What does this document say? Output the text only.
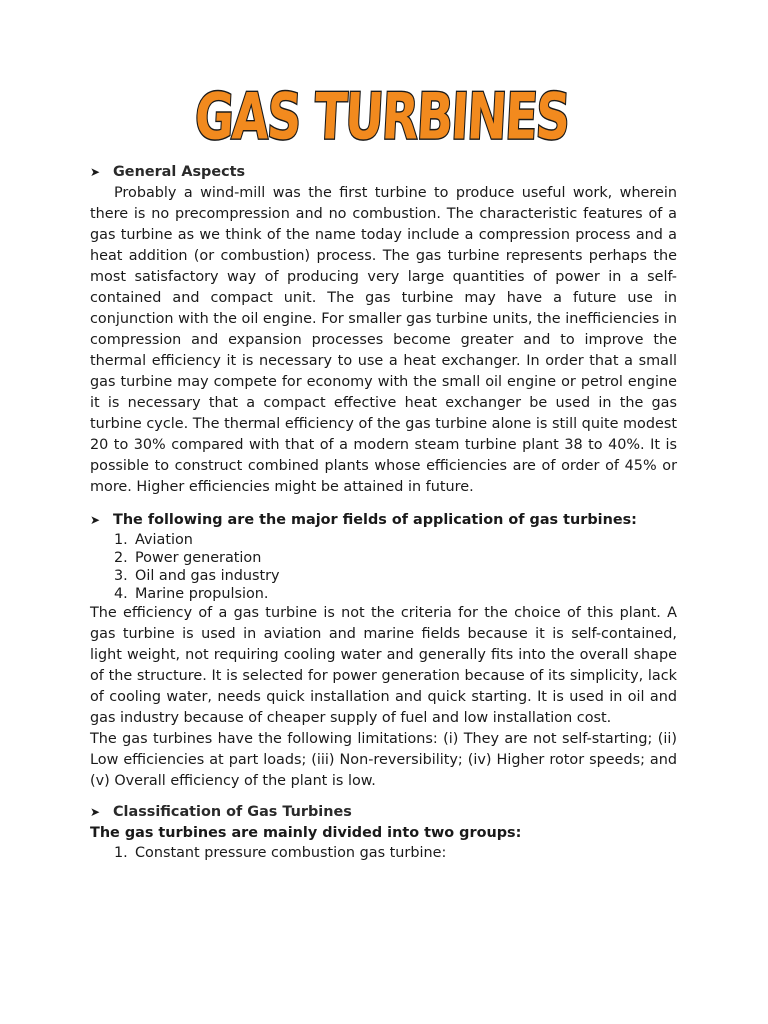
GAS TURBINES
➤ General Aspects

Probably a wind-mill was the first turbine to produce useful work, wherein there is no precompression and no combustion. The characteristic features of a gas turbine as we think of the name today include a compression process and a heat addition (or combustion) process. The gas turbine represents perhaps the most satisfactory way of producing very large quantities of power in a self-contained and compact unit. The gas turbine may have a future use in conjunction with the oil engine. For smaller gas turbine units, the inefficiencies in compression and expansion processes become greater and to improve the thermal efficiency it is necessary to use a heat exchanger. In order that a small gas turbine may compete for economy with the small oil engine or petrol engine it is necessary that a compact effective heat exchanger be used in the gas turbine cycle. The thermal efficiency of the gas turbine alone is still quite modest 20 to 30% compared with that of a modern steam turbine plant 38 to 40%. It is possible to construct combined plants whose efficiencies are of order of 45% or more. Higher efficiencies might be attained in future.

➤ The following are the major fields of application of gas turbines:
1. Aviation
2. Power generation
3. Oil and gas industry
4. Marine propulsion.

The efficiency of a gas turbine is not the criteria for the choice of this plant. A gas turbine is used in aviation and marine fields because it is self-contained, light weight, not requiring cooling water and generally fits into the overall shape of the structure. It is selected for power generation because of its simplicity, lack of cooling water, needs quick installation and quick starting. It is used in oil and gas industry because of cheaper supply of fuel and low installation cost.

The gas turbines have the following limitations: (i) They are not self-starting; (ii) Low efficiencies at part loads; (iii) Non-reversibility; (iv) Higher rotor speeds; and (v) Overall efficiency of the plant is low.

➤ Classification of Gas Turbines
The gas turbines are mainly divided into two groups:
1. Constant pressure combustion gas turbine:
